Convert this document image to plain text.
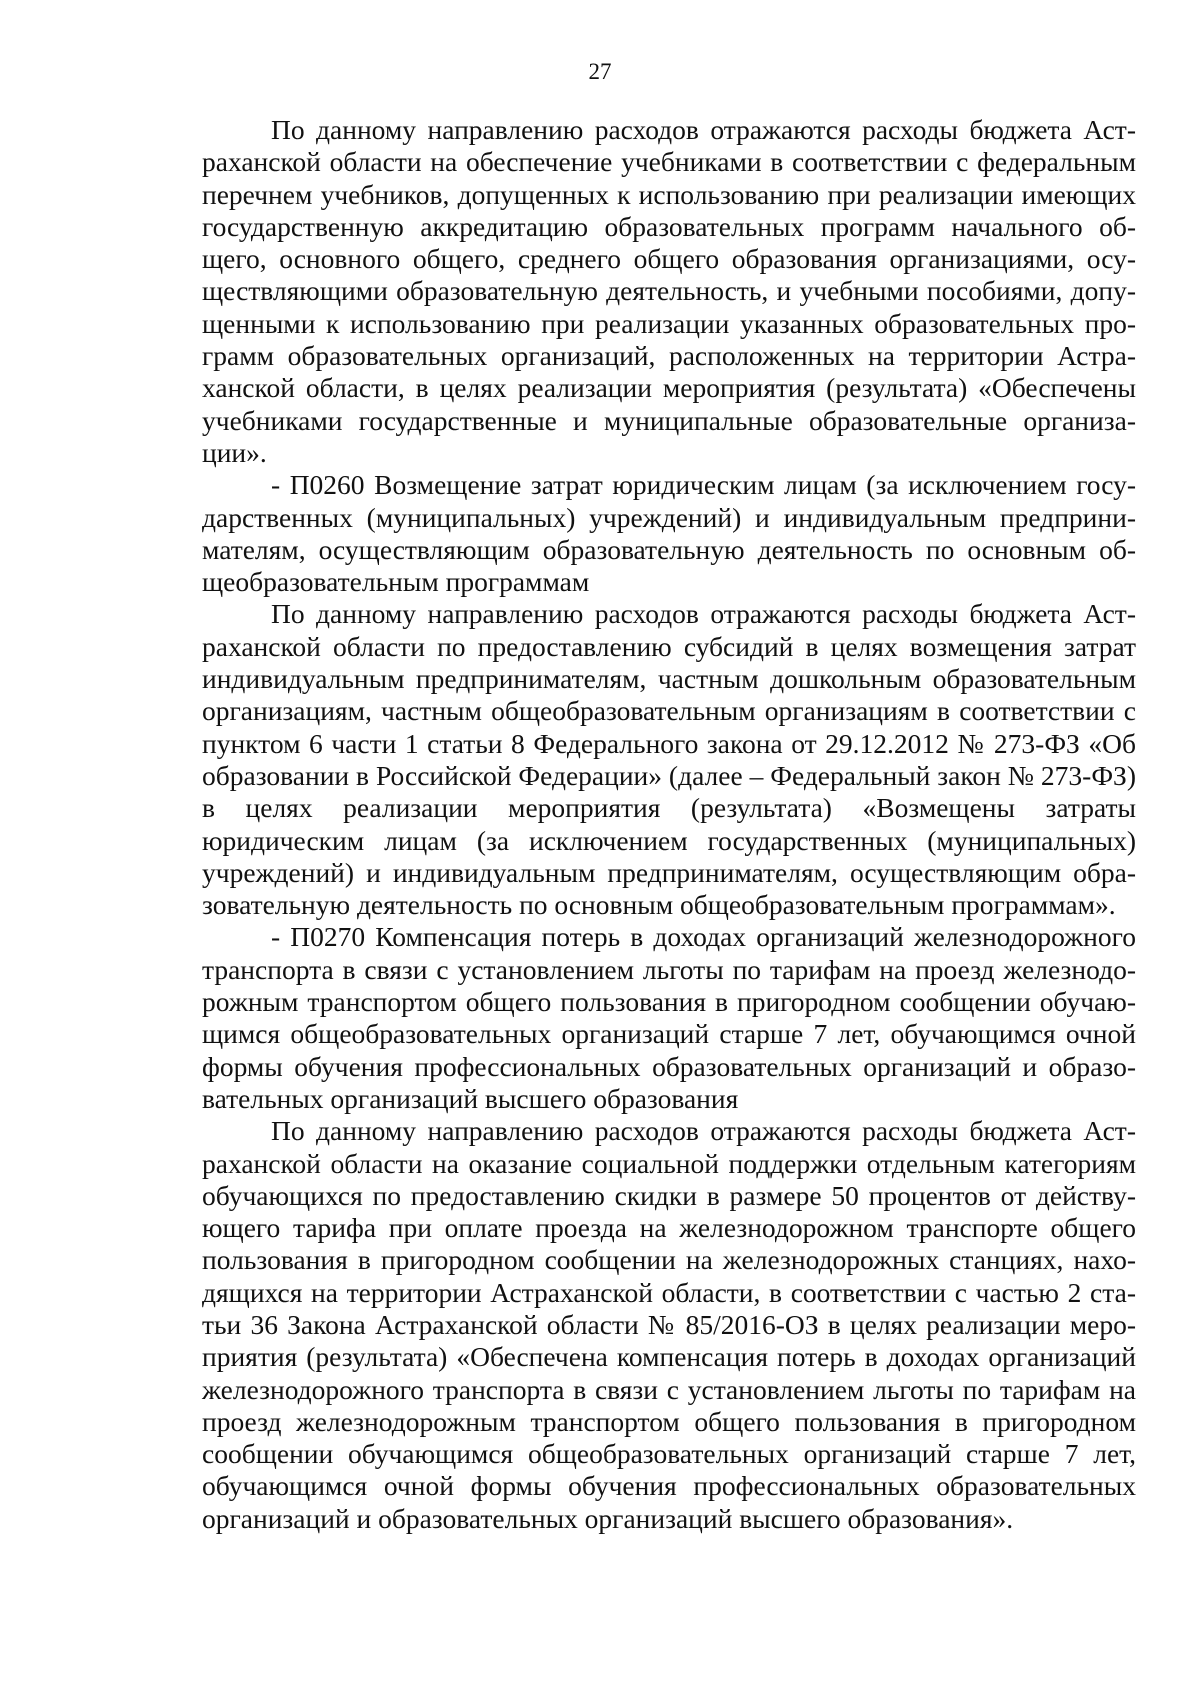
27

По данному направлению расходов отражаются расходы бюджета Астраханской области на обеспечение учебниками в соответствии с федеральным перечнем учебников, допущенных к использованию при реализации имеющих государственную аккредитацию образовательных программ начального общего, основного общего, среднего общего образования организациями, осуществляющими образовательную деятельность, и учебными пособиями, допущенными к использованию при реализации указанных образовательных программ образовательных организаций, расположенных на территории Астраханской области, в целях реализации мероприятия (результата) «Обеспечены учебниками государственные и муниципальные образовательные организации».

- П0260 Возмещение затрат юридическим лицам (за исключением государственных (муниципальных) учреждений) и индивидуальным предпринимателям, осуществляющим образовательную деятельность по основным общеобразовательным программам

По данному направлению расходов отражаются расходы бюджета Астраханской области по предоставлению субсидий в целях возмещения затрат индивидуальным предпринимателям, частным дошкольным образовательным организациям, частным общеобразовательным организациям в соответствии с пунктом 6 части 1 статьи 8 Федерального закона от 29.12.2012 № 273-ФЗ «Об образовании в Российской Федерации» (далее – Федеральный закон № 273-ФЗ) в целях реализации мероприятия (результата) «Возмещены затраты юридическим лицам (за исключением государственных (муниципальных) учреждений) и индивидуальным предпринимателям, осуществляющим образовательную деятельность по основным общеобразовательным программам».

- П0270 Компенсация потерь в доходах организаций железнодорожного транспорта в связи с установлением льготы по тарифам на проезд железнодорожным транспортом общего пользования в пригородном сообщении обучающимся общеобразовательных организаций старше 7 лет, обучающимся очной формы обучения профессиональных образовательных организаций и образовательных организаций высшего образования

По данному направлению расходов отражаются расходы бюджета Астраханской области на оказание социальной поддержки отдельным категориям обучающихся по предоставлению скидки в размере 50 процентов от действующего тарифа при оплате проезда на железнодорожном транспорте общего пользования в пригородном сообщении на железнодорожных станциях, находящихся на территории Астраханской области, в соответствии с частью 2 статьи 36 Закона Астраханской области № 85/2016-ОЗ в целях реализации мероприятия (результата) «Обеспечена компенсация потерь в доходах организаций железнодорожного транспорта в связи с установлением льготы по тарифам на проезд железнодорожным транспортом общего пользования в пригородном сообщении обучающимся общеобразовательных организаций старше 7 лет, обучающимся очной формы обучения профессиональных образовательных организаций и образовательных организаций высшего образования».
